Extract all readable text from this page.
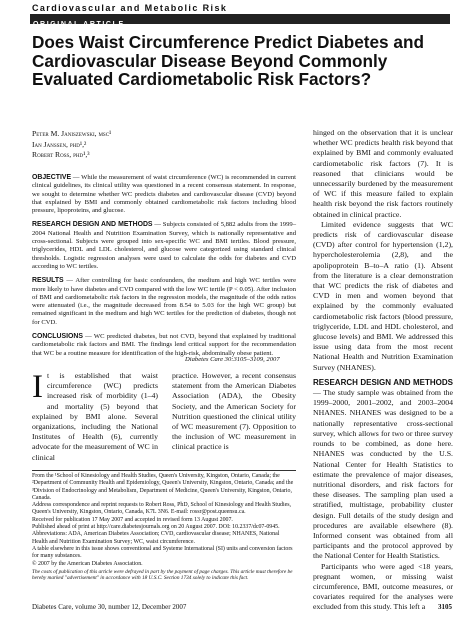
Cardiovascular and Metabolic Risk
ORIGINAL ARTICLE
Does Waist Circumference Predict Diabetes and Cardiovascular Disease Beyond Commonly Evaluated Cardiometabolic Risk Factors?
Peter M. Janiszewski, msc¹
Ian Janssen, phd¹,²
Robert Ross, phd¹,³

OBJECTIVE — While the measurement of waist circumference (WC) is recommended in current clinical guidelines, its clinical utility was questioned in a recent consensus statement. In response, we sought to determine whether WC predicts diabetes and cardiovascular disease (CVD) beyond that explained by BMI and commonly obtained cardiometabolic risk factors including blood pressure, lipoproteins, and glucose.

RESEARCH DESIGN AND METHODS — Subjects consisted of 5,882 adults from the 1999–2004 National Health and Nutrition Examination Survey, which is nationally representative and cross-sectional. Subjects were grouped into sex-specific WC and BMI tertiles. Blood pressure, triglycerides, HDL and LDL cholesterol, and glucose were categorized using standard clinical thresholds. Logistic regression analyses were used to calculate the odds for diabetes and CVD according to WC tertiles.

RESULTS — After controlling for basic confounders, the medium and high WC tertiles were more likely to have diabetes and CVD compared with the low WC tertile (P < 0.05). After inclusion of BMI and cardiometabolic risk factors in the regression models, the magnitude of the odds ratios were attenuated (i.e., the magnitude decreased from 8.54 to 5.03 for the high WC group) but remained significant in the medium and high WC tertiles for the prediction of diabetes, though not for CVD.

CONCLUSIONS — WC predicted diabetes, but not CVD, beyond that explained by traditional cardiometabolic risk factors and BMI. The findings lend critical support for the recommendation that WC be a routine measure for identification of the high-risk, abdominally obese patient.

Diabetes Care 30:3105–3109, 2007
It is established that waist circumference (WC) predicts increased risk of morbidity (1–4) and mortality (5) beyond that explained by BMI alone. Several organizations, including the National Institutes of Health (6), currently advocate for the measurement of WC in clinical
practice. However, a recent consensus statement from the American Diabetes Association (ADA), the Obesity Society, and the American Society for Nutrition questioned the clinical utility of WC measurement (7). Opposition to the inclusion of WC measurement in clinical practice is

hinged on the observation that it is unclear whether WC predicts health risk beyond that explained by BMI and commonly evaluated cardiometabolic risk factors (7). It is reasoned that clinicians would be unnecessarily burdened by the measurement of WC if this measure failed to explain health risk beyond the risk factors routinely obtained in clinical practice.

Limited evidence suggests that WC predicts risk of cardiovascular disease (CVD) after control for hypertension (1,2), hypercholesterolemia (2,8), and the apolipoprotein B–to–A ratio (1). Absent from the literature is a clear demonstration that WC predicts the risk of diabetes and CVD in men and women beyond that explained by the commonly evaluated cardiometabolic risk factors (blood pressure, triglyceride, LDL and HDL cholesterol, and glucose levels) and BMI. We addressed this issue using data from the most recent National Health and Nutrition Examination Survey (NHANES).

RESEARCH DESIGN AND METHODS — The study sample was obtained from the 1999–2000, 2001–2002, and 2003–2004 NHANES. NHANES was designed to be a nationally representative cross-sectional survey, which allows for two or three survey rounds to be combined, as done here. NHANES was conducted by the U.S. National Center for Health Statistics to estimate the prevalence of major diseases, nutritional disorders, and risk factors for these diseases. The sampling plan used a stratified, multistage, probability cluster design. Full details of the study design and procedures are available elsewhere (8). Informed consent was obtained from all participants and the protocol approved by the National Center for Health Statistics.

Participants who were aged <18 years, pregnant women, or missing waist circumference, BMI, outcome measures, or covariates required for the analyses were excluded from this study. This left a

From the ¹School of Kinesiology and Health Studies, Queen's University, Kingston, Ontario, Canada; the ²Department of Community Health and Epidemiology, Queen's University, Kingston, Ontario, Canada; and the ³Division of Endocrinology and Metabolism, Department of Medicine, Queen's University, Kingston, Ontario, Canada.

Address correspondence and reprint requests to Robert Ross, PhD, School of Kinesiology and Health Studies, Queen's University, Kingston, Ontario, Canada, K7L 3N6. E-mail: rossr@post.queensu.ca.

Received for publication 17 May 2007 and accepted in revised form 13 August 2007.

Published ahead of print at http://care.diabetesjournals.org on 20 August 2007. DOI: 10.2337/dc07-0945.

Abbreviations: ADA, American Diabetes Association; CVD, cardiovascular disease; NHANES, National Health and Nutrition Examination Survey; WC, waist circumference.

A table elsewhere in this issue shows conventional and Systeme International (SI) units and conversion factors for many substances.

© 2007 by the American Diabetes Association.

The costs of publication of this article were defrayed in part by the payment of page charges. This article must therefore be hereby marked "advertisement" in accordance with 18 U.S.C. Section 1734 solely to indicate this fact.

Diabetes Care, volume 30, number 12, December 2007	3105
